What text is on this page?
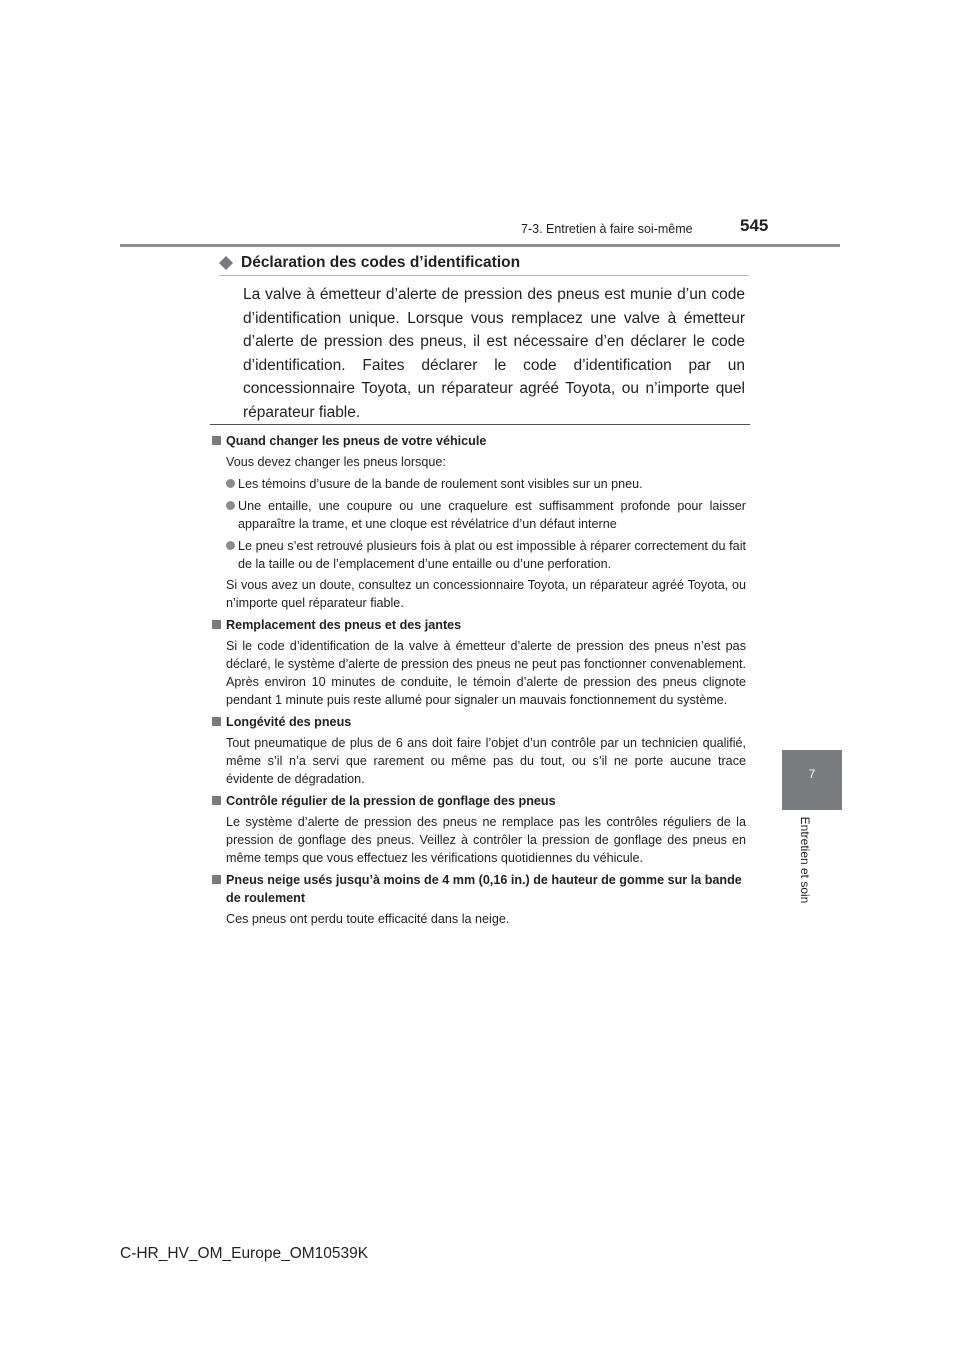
7-3. Entretien à faire soi-même	545
7
Entretien et soin
Déclaration des codes d’identification
La valve à émetteur d’alerte de pression des pneus est munie d’un code d’identification unique. Lorsque vous remplacez une valve à émetteur d’alerte de pression des pneus, il est nécessaire d’en déclarer le code d’identification. Faites déclarer le code d’identification par un concessionnaire Toyota, un réparateur agréé Toyota, ou n’importe quel réparateur fiable.
Quand changer les pneus de votre véhicule
Vous devez changer les pneus lorsque:
Les témoins d’usure de la bande de roulement sont visibles sur un pneu.
Une entaille, une coupure ou une craquelure est suffisamment profonde pour laisser apparaître la trame, et une cloque est révélatrice d’un défaut interne
Le pneu s’est retrouvé plusieurs fois à plat ou est impossible à réparer correctement du fait de la taille ou de l’emplacement d’une entaille ou d’une perforation.
Si vous avez un doute, consultez un concessionnaire Toyota, un réparateur agréé Toyota, ou n’importe quel réparateur fiable.
Remplacement des pneus et des jantes
Si le code d’identification de la valve à émetteur d’alerte de pression des pneus n’est pas déclaré, le système d’alerte de pression des pneus ne peut pas fonctionner convenablement. Après environ 10 minutes de conduite, le témoin d’alerte de pression des pneus clignote pendant 1 minute puis reste allumé pour signaler un mauvais fonctionnement du système.
Longévité des pneus
Tout pneumatique de plus de 6 ans doit faire l’objet d’un contrôle par un technicien qualifié, même s’il n’a servi que rarement ou même pas du tout, ou s’il ne porte aucune trace évidente de dégradation.
Contrôle régulier de la pression de gonflage des pneus
Le système d’alerte de pression des pneus ne remplace pas les contrôles réguliers de la pression de gonflage des pneus. Veillez à contrôler la pression de gonflage des pneus en même temps que vous effectuez les vérifications quotidiennes du véhicule.
Pneus neige usés jusqu’à moins de 4 mm (0,16 in.) de hauteur de gomme sur la bande de roulement
Ces pneus ont perdu toute efficacité dans la neige.
C-HR_HV_OM_Europe_OM10539K
